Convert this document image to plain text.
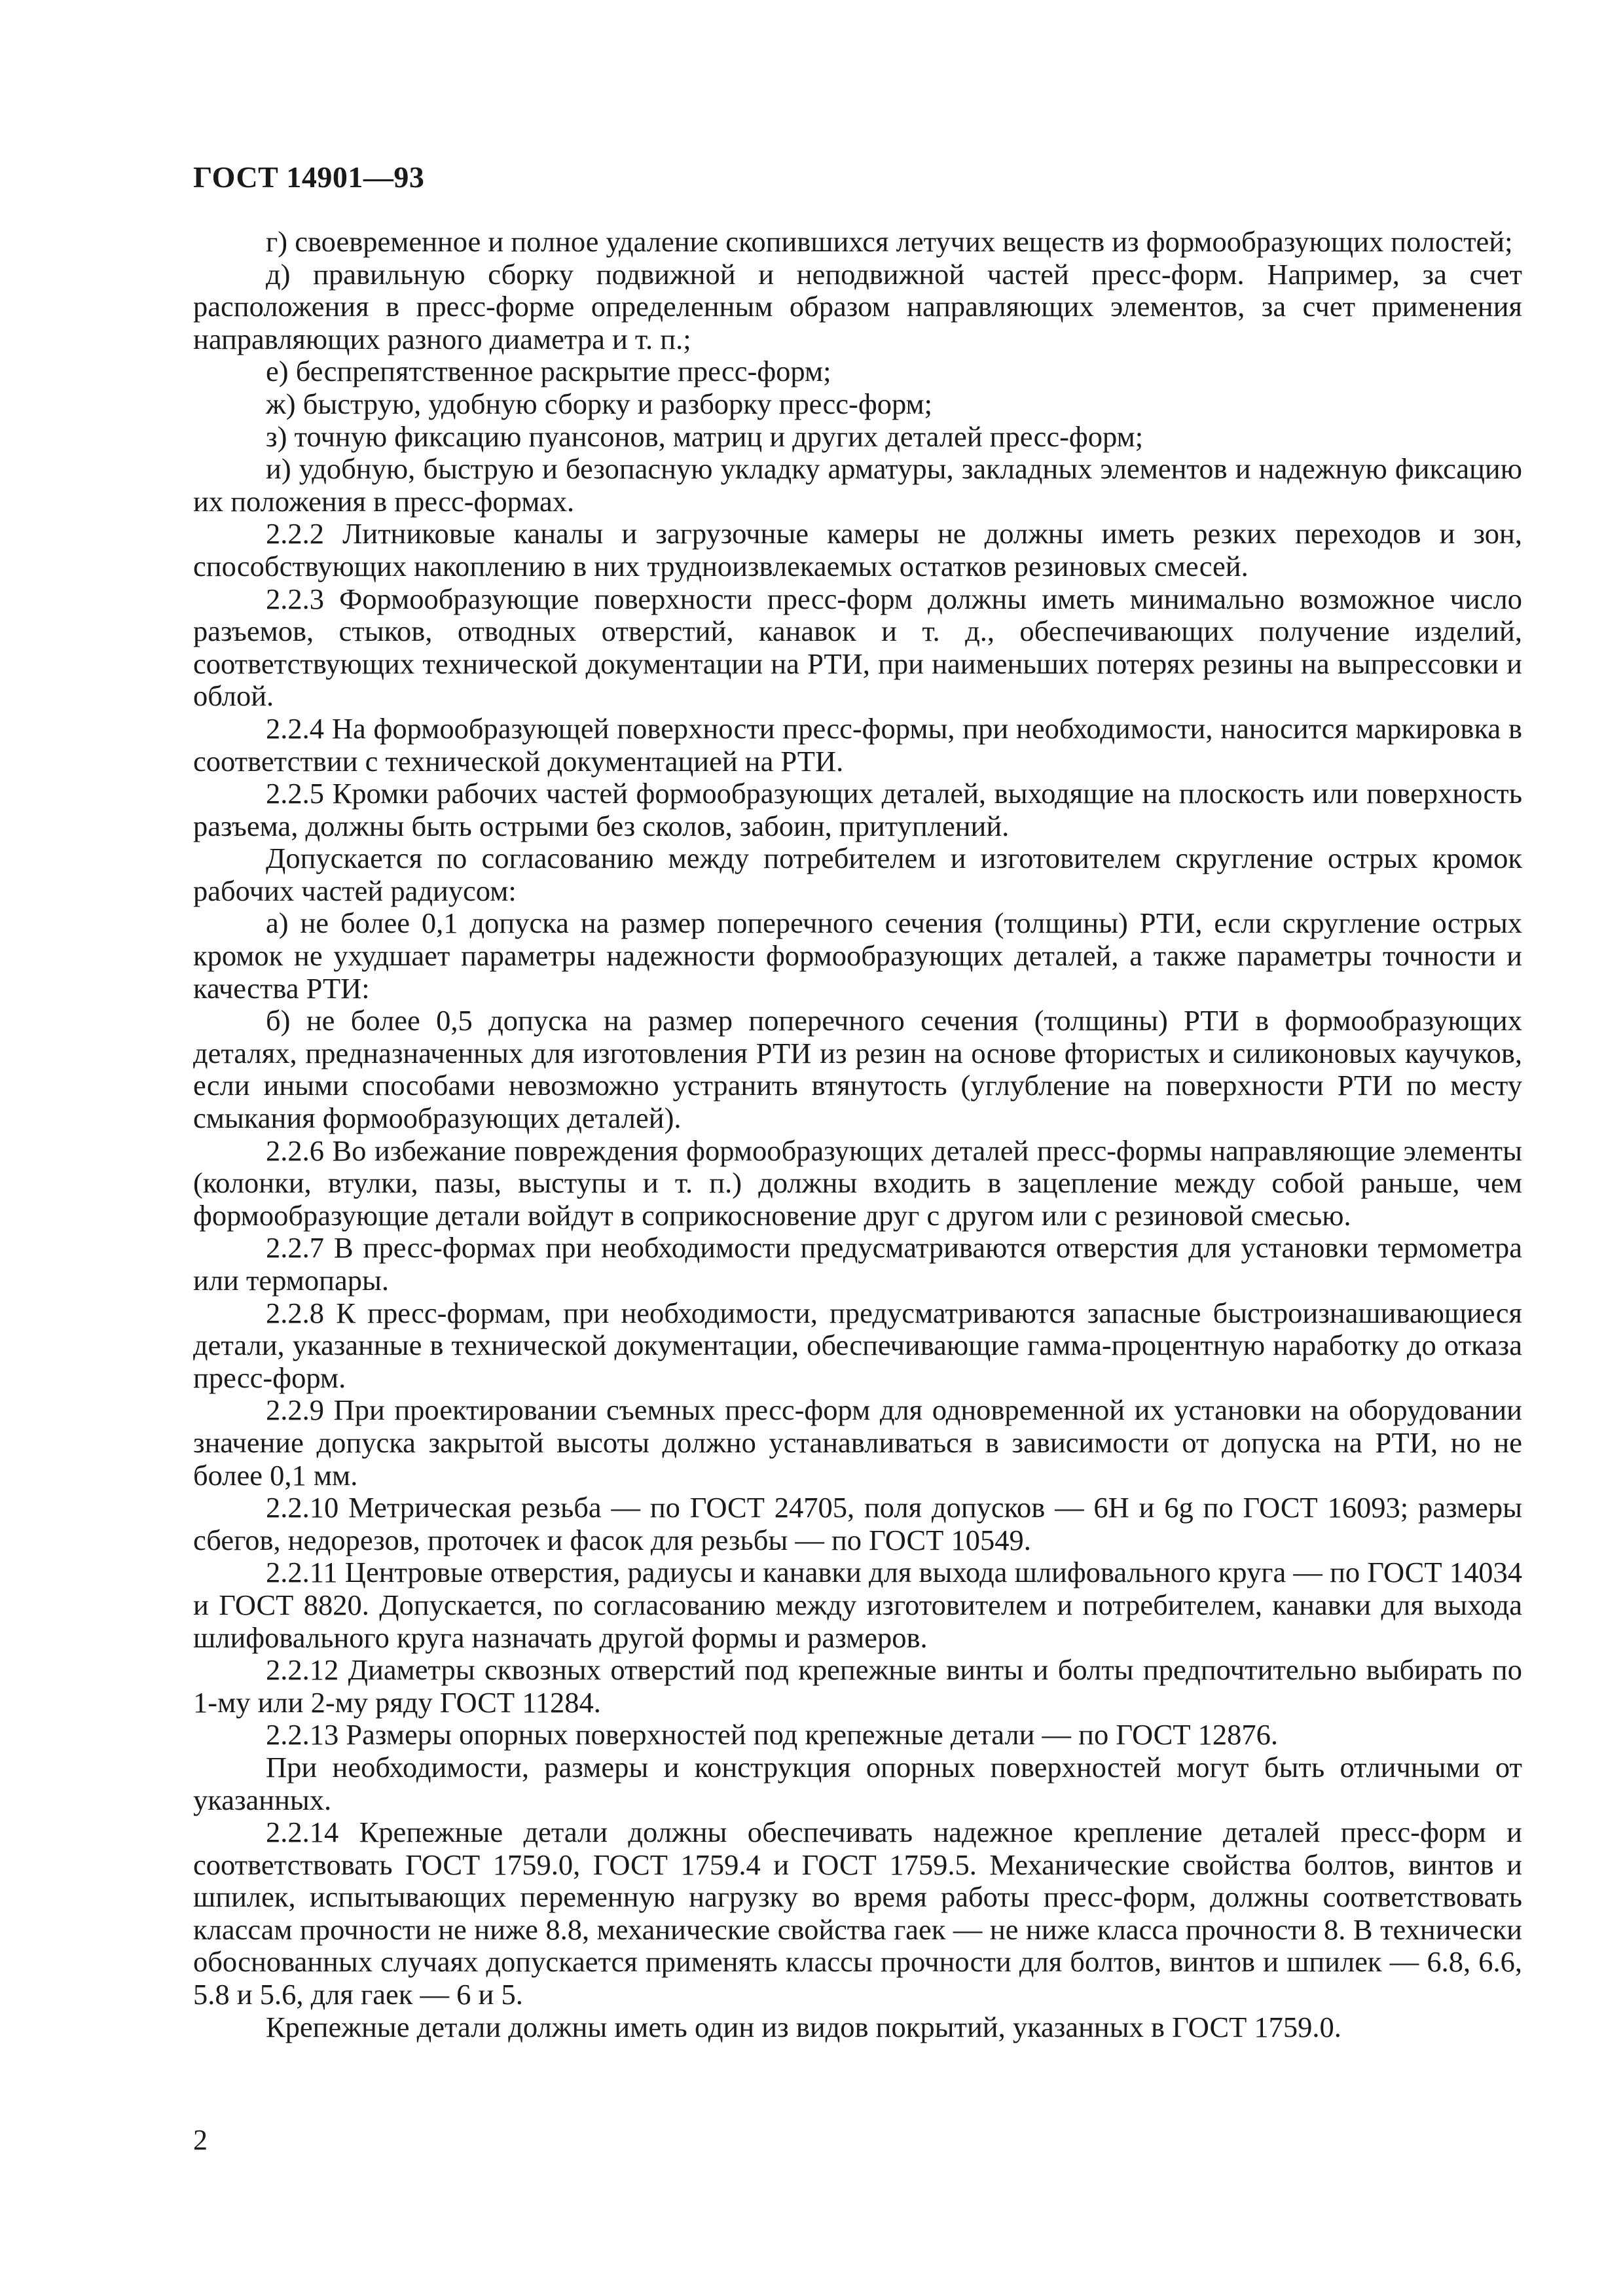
ГОСТ 14901—93

г) своевременное и полное удаление скопившихся летучих веществ из формообразующих полостей;

д) правильную сборку подвижной и неподвижной частей пресс-форм. Например, за счет расположения в пресс-форме определенным образом направляющих элементов, за счет применения направляющих разного диаметра и т. п.;

е) беспрепятственное раскрытие пресс-форм;

ж) быструю, удобную сборку и разборку пресс-форм;

з) точную фиксацию пуансонов, матриц и других деталей пресс-форм;

и) удобную, быструю и безопасную укладку арматуры, закладных элементов и надежную фиксацию их положения в пресс-формах.

2.2.2 Литниковые каналы и загрузочные камеры не должны иметь резких переходов и зон, способствующих накоплению в них трудноизвлекаемых остатков резиновых смесей.

2.2.3 Формообразующие поверхности пресс-форм должны иметь минимально возможное число разъемов, стыков, отводных отверстий, канавок и т. д., обеспечивающих получение изделий, соответствующих технической документации на РТИ, при наименьших потерях резины на выпрессовки и облой.

2.2.4 На формообразующей поверхности пресс-формы, при необходимости, наносится маркировка в соответствии с технической документацией на РТИ.

2.2.5 Кромки рабочих частей формообразующих деталей, выходящие на плоскость или поверхность разъема, должны быть острыми без сколов, забоин, притуплений.

Допускается по согласованию между потребителем и изготовителем скругление острых кромок рабочих частей радиусом:

а) не более 0,1 допуска на размер поперечного сечения (толщины) РТИ, если скругление острых кромок не ухудшает параметры надежности формообразующих деталей, а также параметры точности и качества РТИ:

б) не более 0,5 допуска на размер поперечного сечения (толщины) РТИ в формообразующих деталях, предназначенных для изготовления РТИ из резин на основе фтористых и силиконовых каучуков, если иными способами невозможно устранить втянутость (углубление на поверхности РТИ по месту смыкания формообразующих деталей).

2.2.6 Во избежание повреждения формообразующих деталей пресс-формы направляющие элементы (колонки, втулки, пазы, выступы и т. п.) должны входить в зацепление между собой раньше, чем формообразующие детали войдут в соприкосновение друг с другом или с резиновой смесью.

2.2.7 В пресс-формах при необходимости предусматриваются отверстия для установки термометра или термопары.

2.2.8 К пресс-формам, при необходимости, предусматриваются запасные быстроизнашивающиеся детали, указанные в технической документации, обеспечивающие гамма-процентную наработку до отказа пресс-форм.

2.2.9 При проектировании съемных пресс-форм для одновременной их установки на оборудовании значение допуска закрытой высоты должно устанавливаться в зависимости от допуска на РТИ, но не более 0,1 мм.

2.2.10 Метрическая резьба — по ГОСТ 24705, поля допусков — 6H и 6g по ГОСТ 16093; размеры сбегов, недорезов, проточек и фасок для резьбы — по ГОСТ 10549.

2.2.11 Центровые отверстия, радиусы и канавки для выхода шлифовального круга — по ГОСТ 14034 и ГОСТ 8820. Допускается, по согласованию между изготовителем и потребителем, канавки для выхода шлифовального круга назначать другой формы и размеров.

2.2.12 Диаметры сквозных отверстий под крепежные винты и болты предпочтительно выбирать по 1-му или 2-му ряду ГОСТ 11284.

2.2.13 Размеры опорных поверхностей под крепежные детали — по ГОСТ 12876.

При необходимости, размеры и конструкция опорных поверхностей могут быть отличными от указанных.

2.2.14 Крепежные детали должны обеспечивать надежное крепление деталей пресс-форм и соответствовать ГОСТ 1759.0, ГОСТ 1759.4 и ГОСТ 1759.5. Механические свойства болтов, винтов и шпилек, испытывающих переменную нагрузку во время работы пресс-форм, должны соответствовать классам прочности не ниже 8.8, механические свойства гаек — не ниже класса прочности 8. В технически обоснованных случаях допускается применять классы прочности для болтов, винтов и шпилек — 6.8, 6.6, 5.8 и 5.6, для гаек — 6 и 5.

Крепежные детали должны иметь один из видов покрытий, указанных в ГОСТ 1759.0.

2
